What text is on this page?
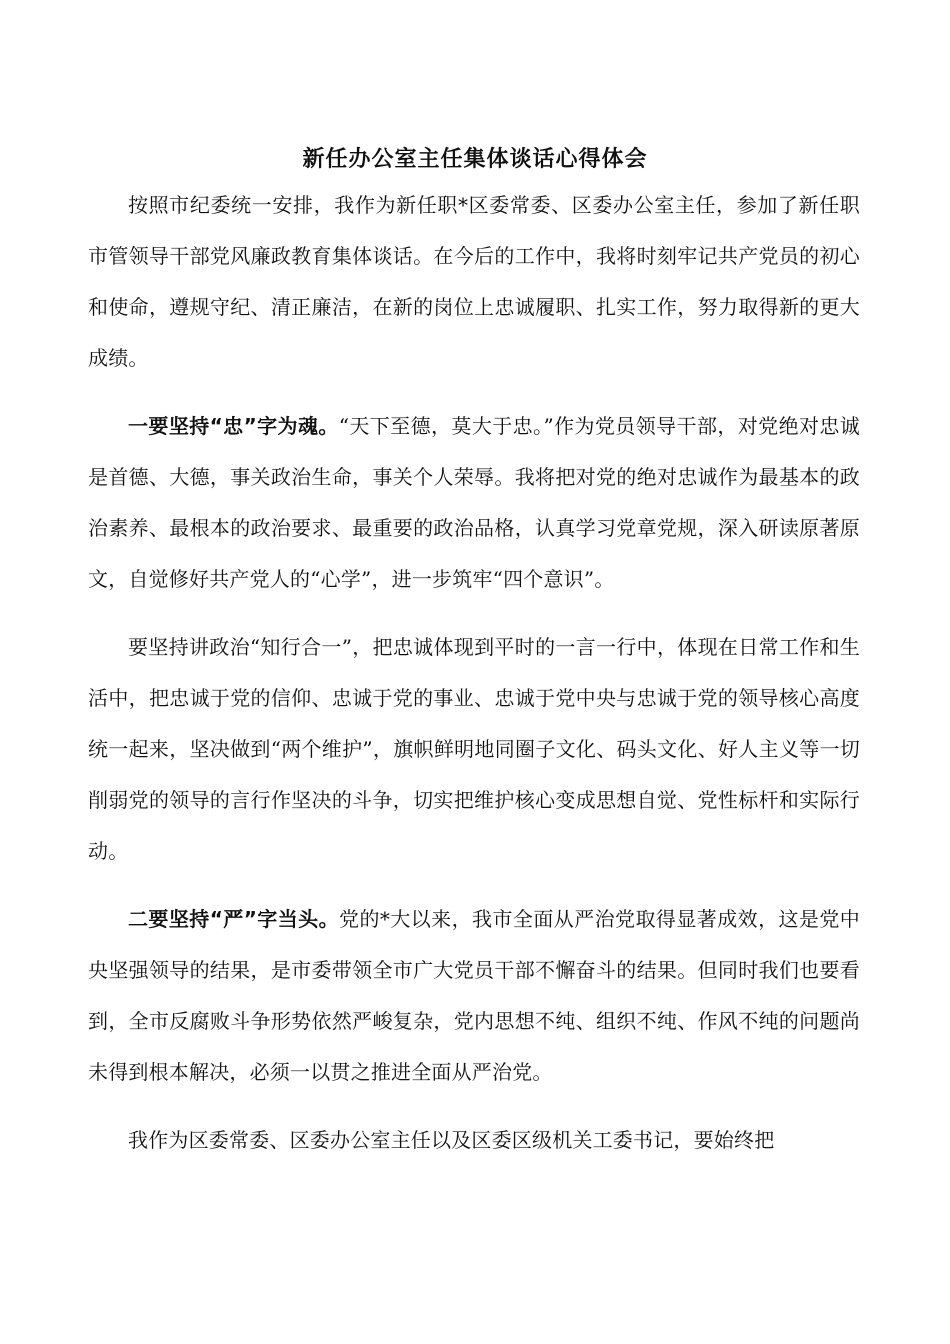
新任办公室主任集体谈话心得体会

按照市纪委统一安排，我作为新任职*区委常委、区委办公室主任，参加了新任职市管领导干部党风廉政教育集体谈话。在今后的工作中，我将时刻牢记共产党员的初心和使命，遵规守纪、清正廉洁，在新的岗位上忠诚履职、扎实工作，努力取得新的更大成绩。

一要坚持“忠”字为魂。“天下至德，莫大于忠。”作为党员领导干部，对党绝对忠诚是首德、大德，事关政治生命，事关个人荣辱。我将把对党的绝对忠诚作为最基本的政治素养、最根本的政治要求、最重要的政治品格，认真学习党章党规，深入研读原著原文，自觉修好共产党人的“心学”，进一步筑牢“四个意识”。

要坚持讲政治“知行合一”，把忠诚体现到平时的一言一行中，体现在日常工作和生活中，把忠诚于党的信仰、忠诚于党的事业、忠诚于党中央与忠诚于党的领导核心高度统一起来，坚决做到“两个维护”，旗帜鲜明地同圈子文化、码头文化、好人主义等一切削弱党的领导的言行作坚决的斗争，切实把维护核心变成思想自觉、党性标杆和实际行动。

二要坚持“严”字当头。党的*大以来，我市全面从严治党取得显著成效，这是党中央坚强领导的结果，是市委带领全市广大党员干部不懈奋斗的结果。但同时我们也要看到，全市反腐败斗争形势依然严峻复杂，党内思想不纯、组织不纯、作风不纯的问题尚未得到根本解决，必须一以贯之推进全面从严治党。

我作为区委常委、区委办公室主任以及区委区级机关工委书记，要始终把
